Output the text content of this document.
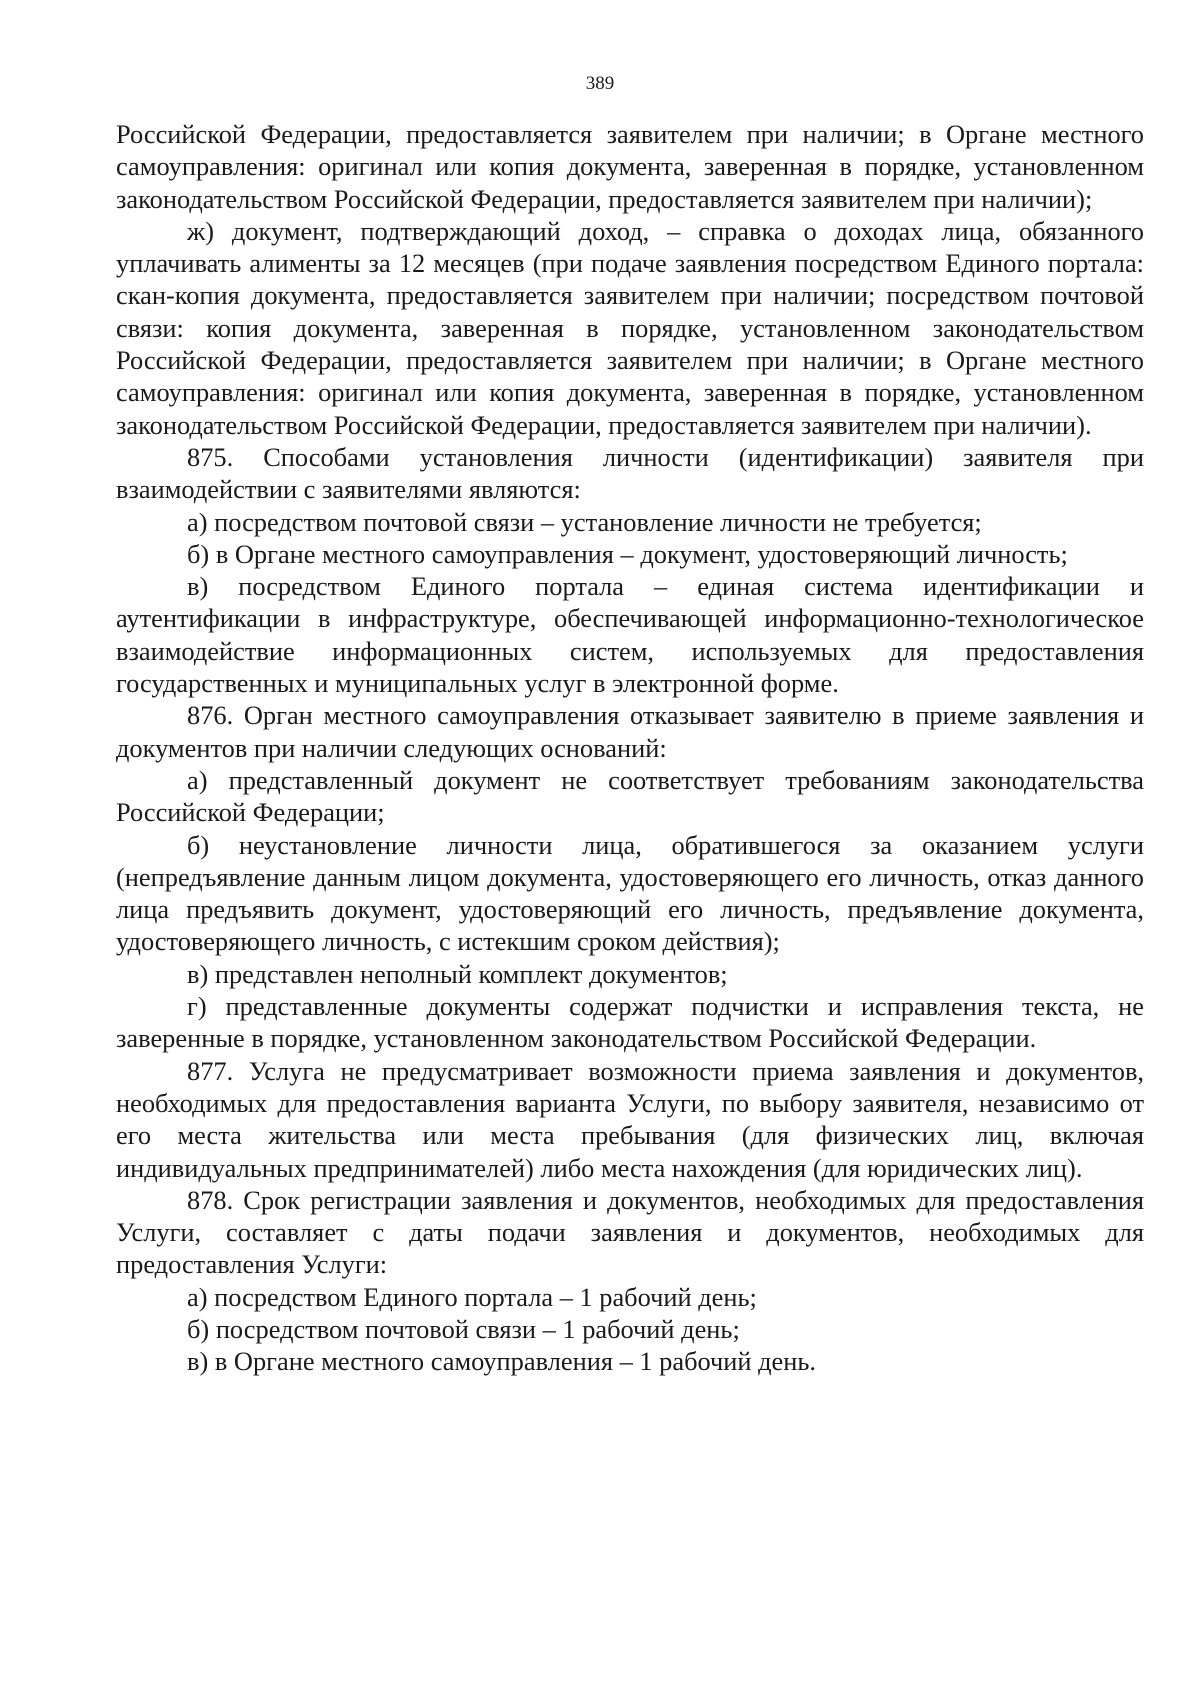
389

Российской Федерации, предоставляется заявителем при наличии; в Органе местного самоуправления: оригинал или копия документа, заверенная в порядке, установленном законодательством Российской Федерации, предоставляется заявителем при наличии);

ж) документ, подтверждающий доход, – справка о доходах лица, обязанного уплачивать алименты за 12 месяцев (при подаче заявления посредством Единого портала: скан-копия документа, предоставляется заявителем при наличии; посредством почтовой связи: копия документа, заверенная в порядке, установленном законодательством Российской Федерации, предоставляется заявителем при наличии; в Органе местного самоуправления: оригинал или копия документа, заверенная в порядке, установленном законодательством Российской Федерации, предоставляется заявителем при наличии).

875. Способами установления личности (идентификации) заявителя при взаимодействии с заявителями являются:

а) посредством почтовой связи – установление личности не требуется;

б) в Органе местного самоуправления – документ, удостоверяющий личность;

в) посредством Единого портала – единая система идентификации и аутентификации в инфраструктуре, обеспечивающей информационно-технологическое взаимодействие информационных систем, используемых для предоставления государственных и муниципальных услуг в электронной форме.

876. Орган местного самоуправления отказывает заявителю в приеме заявления и документов при наличии следующих оснований:

а) представленный документ не соответствует требованиям законодательства Российской Федерации;

б) неустановление личности лица, обратившегося за оказанием услуги (непредъявление данным лицом документа, удостоверяющего его личность, отказ данного лица предъявить документ, удостоверяющий его личность, предъявление документа, удостоверяющего личность, с истекшим сроком действия);

в) представлен неполный комплект документов;

г) представленные документы содержат подчистки и исправления текста, не заверенные в порядке, установленном законодательством Российской Федерации.

877. Услуга не предусматривает возможности приема заявления и документов, необходимых для предоставления варианта Услуги, по выбору заявителя, независимо от его места жительства или места пребывания (для физических лиц, включая индивидуальных предпринимателей) либо места нахождения (для юридических лиц).

878. Срок регистрации заявления и документов, необходимых для предоставления Услуги, составляет с даты подачи заявления и документов, необходимых для предоставления Услуги:

а) посредством Единого портала – 1 рабочий день;

б) посредством почтовой связи – 1 рабочий день;

в) в Органе местного самоуправления – 1 рабочий день.
